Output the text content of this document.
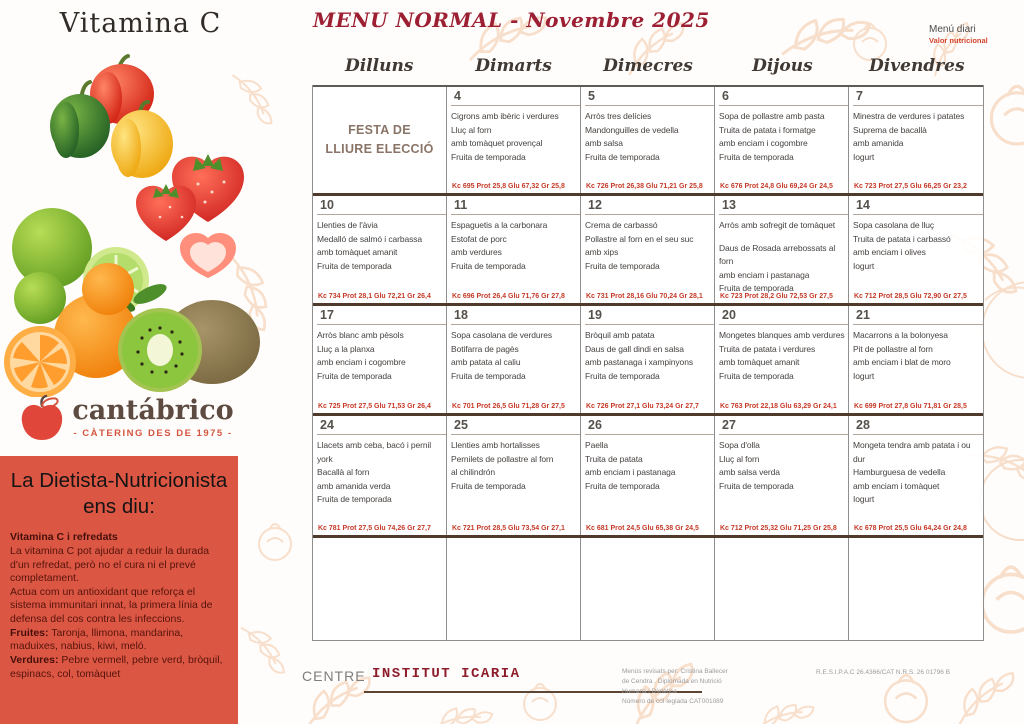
Vitamina C
cantábrico
- CÀTERING DES DE 1975 -
La Dietista-Nutricionista ens diu:
Vitamina C i refredats
La vitamina C pot ajudar a reduir la durada d'un refredat, però no el cura ni el prevé completament.
Actua com un antioxidant que reforça el sistema immunitari innat, la primera línia de defensa del cos contra les infeccions.
Fruites: Taronja, llimona, mandarina, maduixes, nabius, kiwi, meló.
Verdures: Pebre vermell, pebre verd, bròquil, espinacs, col, tomàquet
MENU NORMAL - Novembre 2025	Menú diari
Valor nutricional
Dilluns	Dimarts	Dimecres	Dijous	Divendres
FESTA DE
LLIURE ELECCIÓ
4
Cigrons amb ibèric i verdures
Lluç al forn
amb tomàquet provençal
Fruita de temporada
Kc 695 Prot 25,8 Glu 67,32 Gr 25,8
5
Arròs tres delícies
Mandonguilles de vedella
amb salsa
Fruita de temporada
Kc 726 Prot 26,38 Glu 71,21 Gr 25,8
6
Sopa de pollastre amb pasta
Truita de patata i formatge
amb enciam i cogombre
Fruita de temporada
Kc 676 Prot 24,8 Glu 69,24 Gr 24,5
7
Minestra de verdures i patates
Suprema de bacallà
amb amanida
Iogurt
Kc 723 Prot 27,5 Glu 66,25 Gr 23,2
10
Llenties de l'àvia
Medalló de salmó i carbassa
amb tomàquet amanit
Fruita de temporada
Kc 734 Prot 28,1 Glu 72,21 Gr 26,4
11
Espaguetis a la carbonara
Estofat de porc
amb verdures
Fruita de temporada
Kc 696 Prot 26,4 Glu 71,76 Gr 27,8
12
Crema de carbassó
Pollastre al forn en el seu suc
amb xips
Fruita de temporada
Kc 731 Prot 28,16 Glu 70,24 Gr 28,1
13
Arròs amb sofregit de tomàquet
Daus de Rosada arrebossats al forn
amb enciam i pastanaga
Fruita de temporada
Kc 723 Prot 28,2 Glu 72,53 Gr 27,5
14
Sopa casolana de lluç
Truita de patata i carbassó
amb enciam i olives
Iogurt
Kc 712 Prot 28,5 Glu 72,90 Gr 27,5
17
Arròs blanc amb pèsols
Lluç a la planxa
amb enciam i cogombre
Fruita de temporada
Kc 725 Prot 27,5 Glu 71,53 Gr 26,4
18
Sopa casolana de verdures
Botifarra de pagès
amb patata al caliu
Fruita de temporada
Kc 701 Prot 26,5 Glu 71,28 Gr 27,5
19
Bròquil amb patata
Daus de gall dindi en salsa
amb pastanaga i xampinyons
Fruita de temporada
Kc 726 Prot 27,1 Glu 73,24 Gr 27,7
20
Mongetes blanques amb verdures
Truita de patata i verdures
amb tomàquet amanit
Fruita de temporada
Kc 763 Prot 22,18 Glu 63,29 Gr 24,1
21
Macarrons a la bolonyesa
Pit de pollastre al forn
amb enciam i blat de moro
Iogurt
Kc 699 Prot 27,8 Glu 71,81 Gr 28,5
24
Llacets amb ceba, bacó i pernil york
Bacallà al forn
amb amanida verda
Fruita de temporada
Kc 781 Prot 27,5 Glu 74,26 Gr 27,7
25
Llenties amb hortalisses
Pernilets de pollastre al forn
al chilindrón
Fruita de temporada
Kc 721 Prot 28,5 Glu 73,54 Gr 27,1
26
Paella
Truita de patata
amb enciam i pastanaga
Fruita de temporada
Kc 681 Prot 24,5 Glu 65,38 Gr 24,5
27
Sopa d'olla
Lluç al forn
amb salsa verda
Fruita de temporada
Kc 712 Prot 25,32 Glu 71,25 Gr 25,8
28
Mongeta tendra amb patata i ou dur
Hamburguesa de vedella
amb enciam i tomàquet
Iogurt
Kc 678 Prot 25,5 Glu 64,24 Gr 24,8
CENTRE INSTITUT ICARIA	Menús revisats per: Cristina Ballecer
de Cendra . Diplomada en Nutrició
Humana i Dietètica
Número de col·legiada CAT001089
R.E.S.I.P.A.C 26.4366/CAT N.R.S. 26 01796 B
